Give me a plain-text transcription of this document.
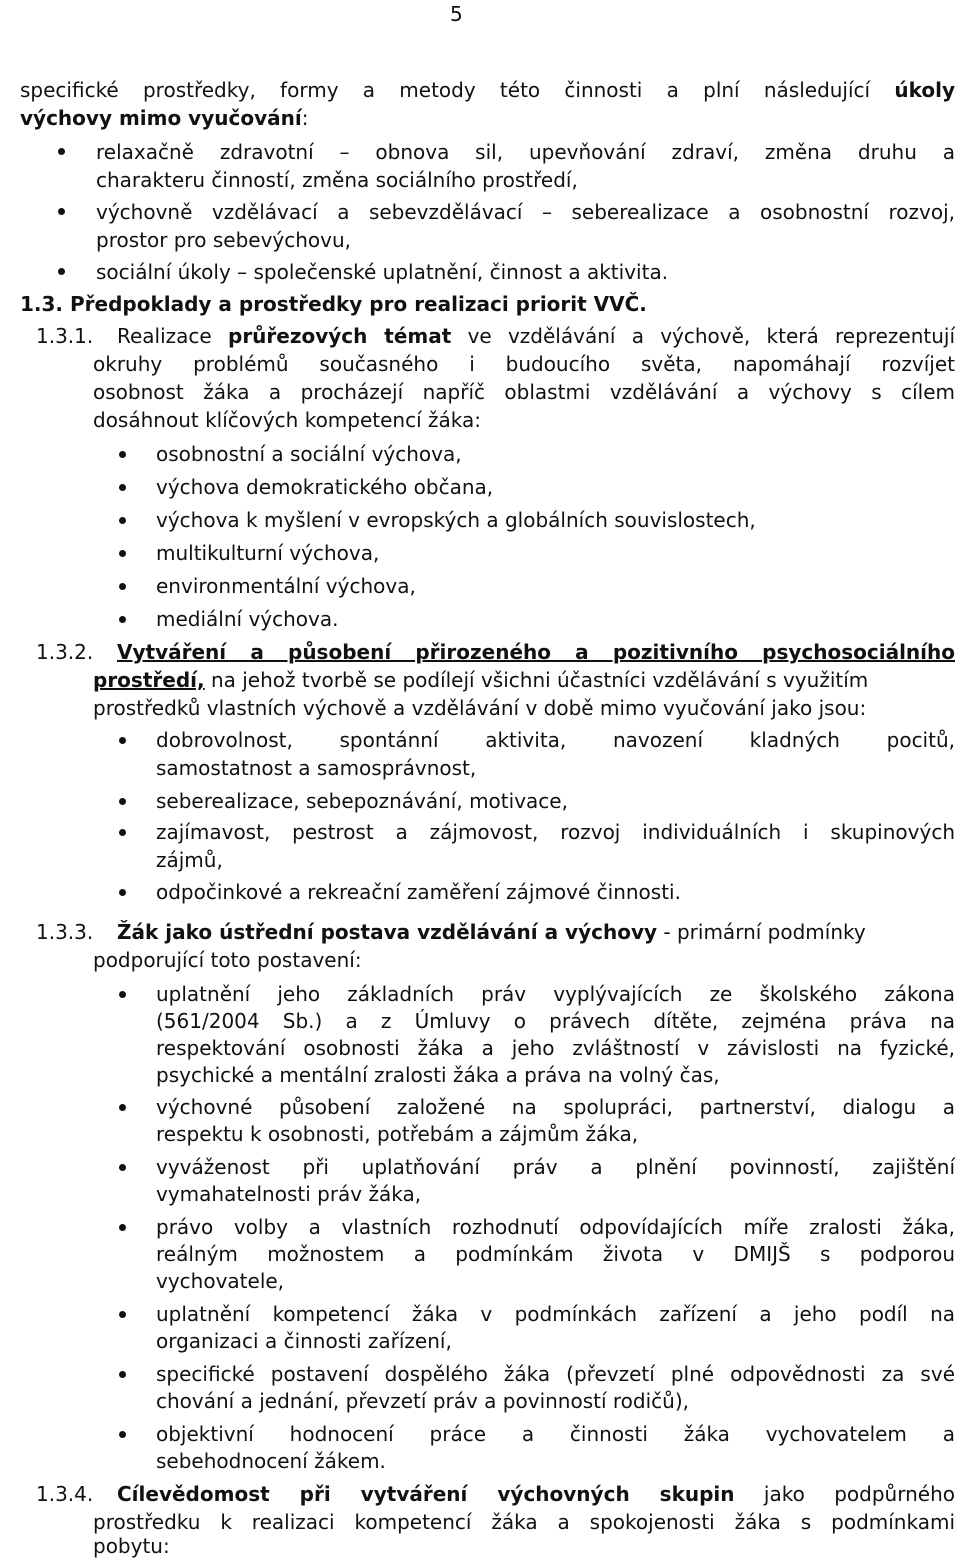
5
specifické prostředky, formy a metody této činnosti a plní následující úkoly
výchovy mimo vyučování:
relaxačně zdravotní – obnova sil, upevňování zdraví, změna druhu a
charakteru činností, změna sociálního prostředí,
výchovně vzdělávací a sebevzdělávací – seberealizace a osobnostní rozvoj,
prostor pro sebevýchovu,
sociální úkoly – společenské uplatnění, činnost a aktivita.
1.3. Předpoklady a prostředky pro realizaci priorit VVČ.
1.3.1. Realizace průřezových témat ve vzdělávání a výchově, která reprezentují
okruhy problémů současného i budoucího světa, napomáhají rozvíjet
osobnost žáka a procházejí napříč oblastmi vzdělávání a výchovy s cílem
dosáhnout klíčových kompetencí žáka:
osobnostní a sociální výchova,
výchova demokratického občana,
výchova k myšlení v evropských a globálních souvislostech,
multikulturní výchova,
environmentální výchova,
mediální výchova.
1.3.2. Vytváření a působení přirozeného a pozitivního psychosociálního
prostředí, na jehož tvorbě se podílejí všichni účastníci vzdělávání s využitím
prostředků vlastních výchově a vzdělávání v době mimo vyučování jako jsou:
dobrovolnost, spontánní aktivita, navození kladných pocitů,
samostatnost a samosprávnost,
seberealizace, sebepoznávání, motivace,
zajímavost, pestrost a zájmovost, rozvoj individuálních i skupinových
zájmů,
odpočinkové a rekreační zaměření zájmové činnosti.
1.3.3. Žák jako ústřední postava vzdělávání a výchovy - primární podmínky
podporující toto postavení:
uplatnění jeho základních práv vyplývajících ze školského zákona
(561/2004 Sb.) a z Úmluvy o právech dítěte, zejména práva na
respektování osobnosti žáka a jeho zvláštností v závislosti na fyzické,
psychické a mentální zralosti žáka a práva na volný čas,
výchovné působení založené na spolupráci, partnerství, dialogu a
respektu k osobnosti, potřebám a zájmům žáka,
vyváženost při uplatňování práv a plnění povinností, zajištění
vymahatelnosti práv žáka,
právo volby a vlastních rozhodnutí odpovídajících míře zralosti žáka,
reálným možnostem a podmínkám života v DMIJŠ s podporou
vychovatele,
uplatnění kompetencí žáka v podmínkách zařízení a jeho podíl na
organizaci a činnosti zařízení,
specifické postavení dospělého žáka (převzetí plné odpovědnosti za své
chování a jednání, převzetí práv a povinností rodičů),
objektivní hodnocení práce a činnosti žáka vychovatelem a
sebehodnocení žákem.
1.3.4. Cílevědomost při vytváření výchovných skupin jako podpůrného
prostředku k realizaci kompetencí žáka a spokojenosti žáka s podmínkami
pobytu:
